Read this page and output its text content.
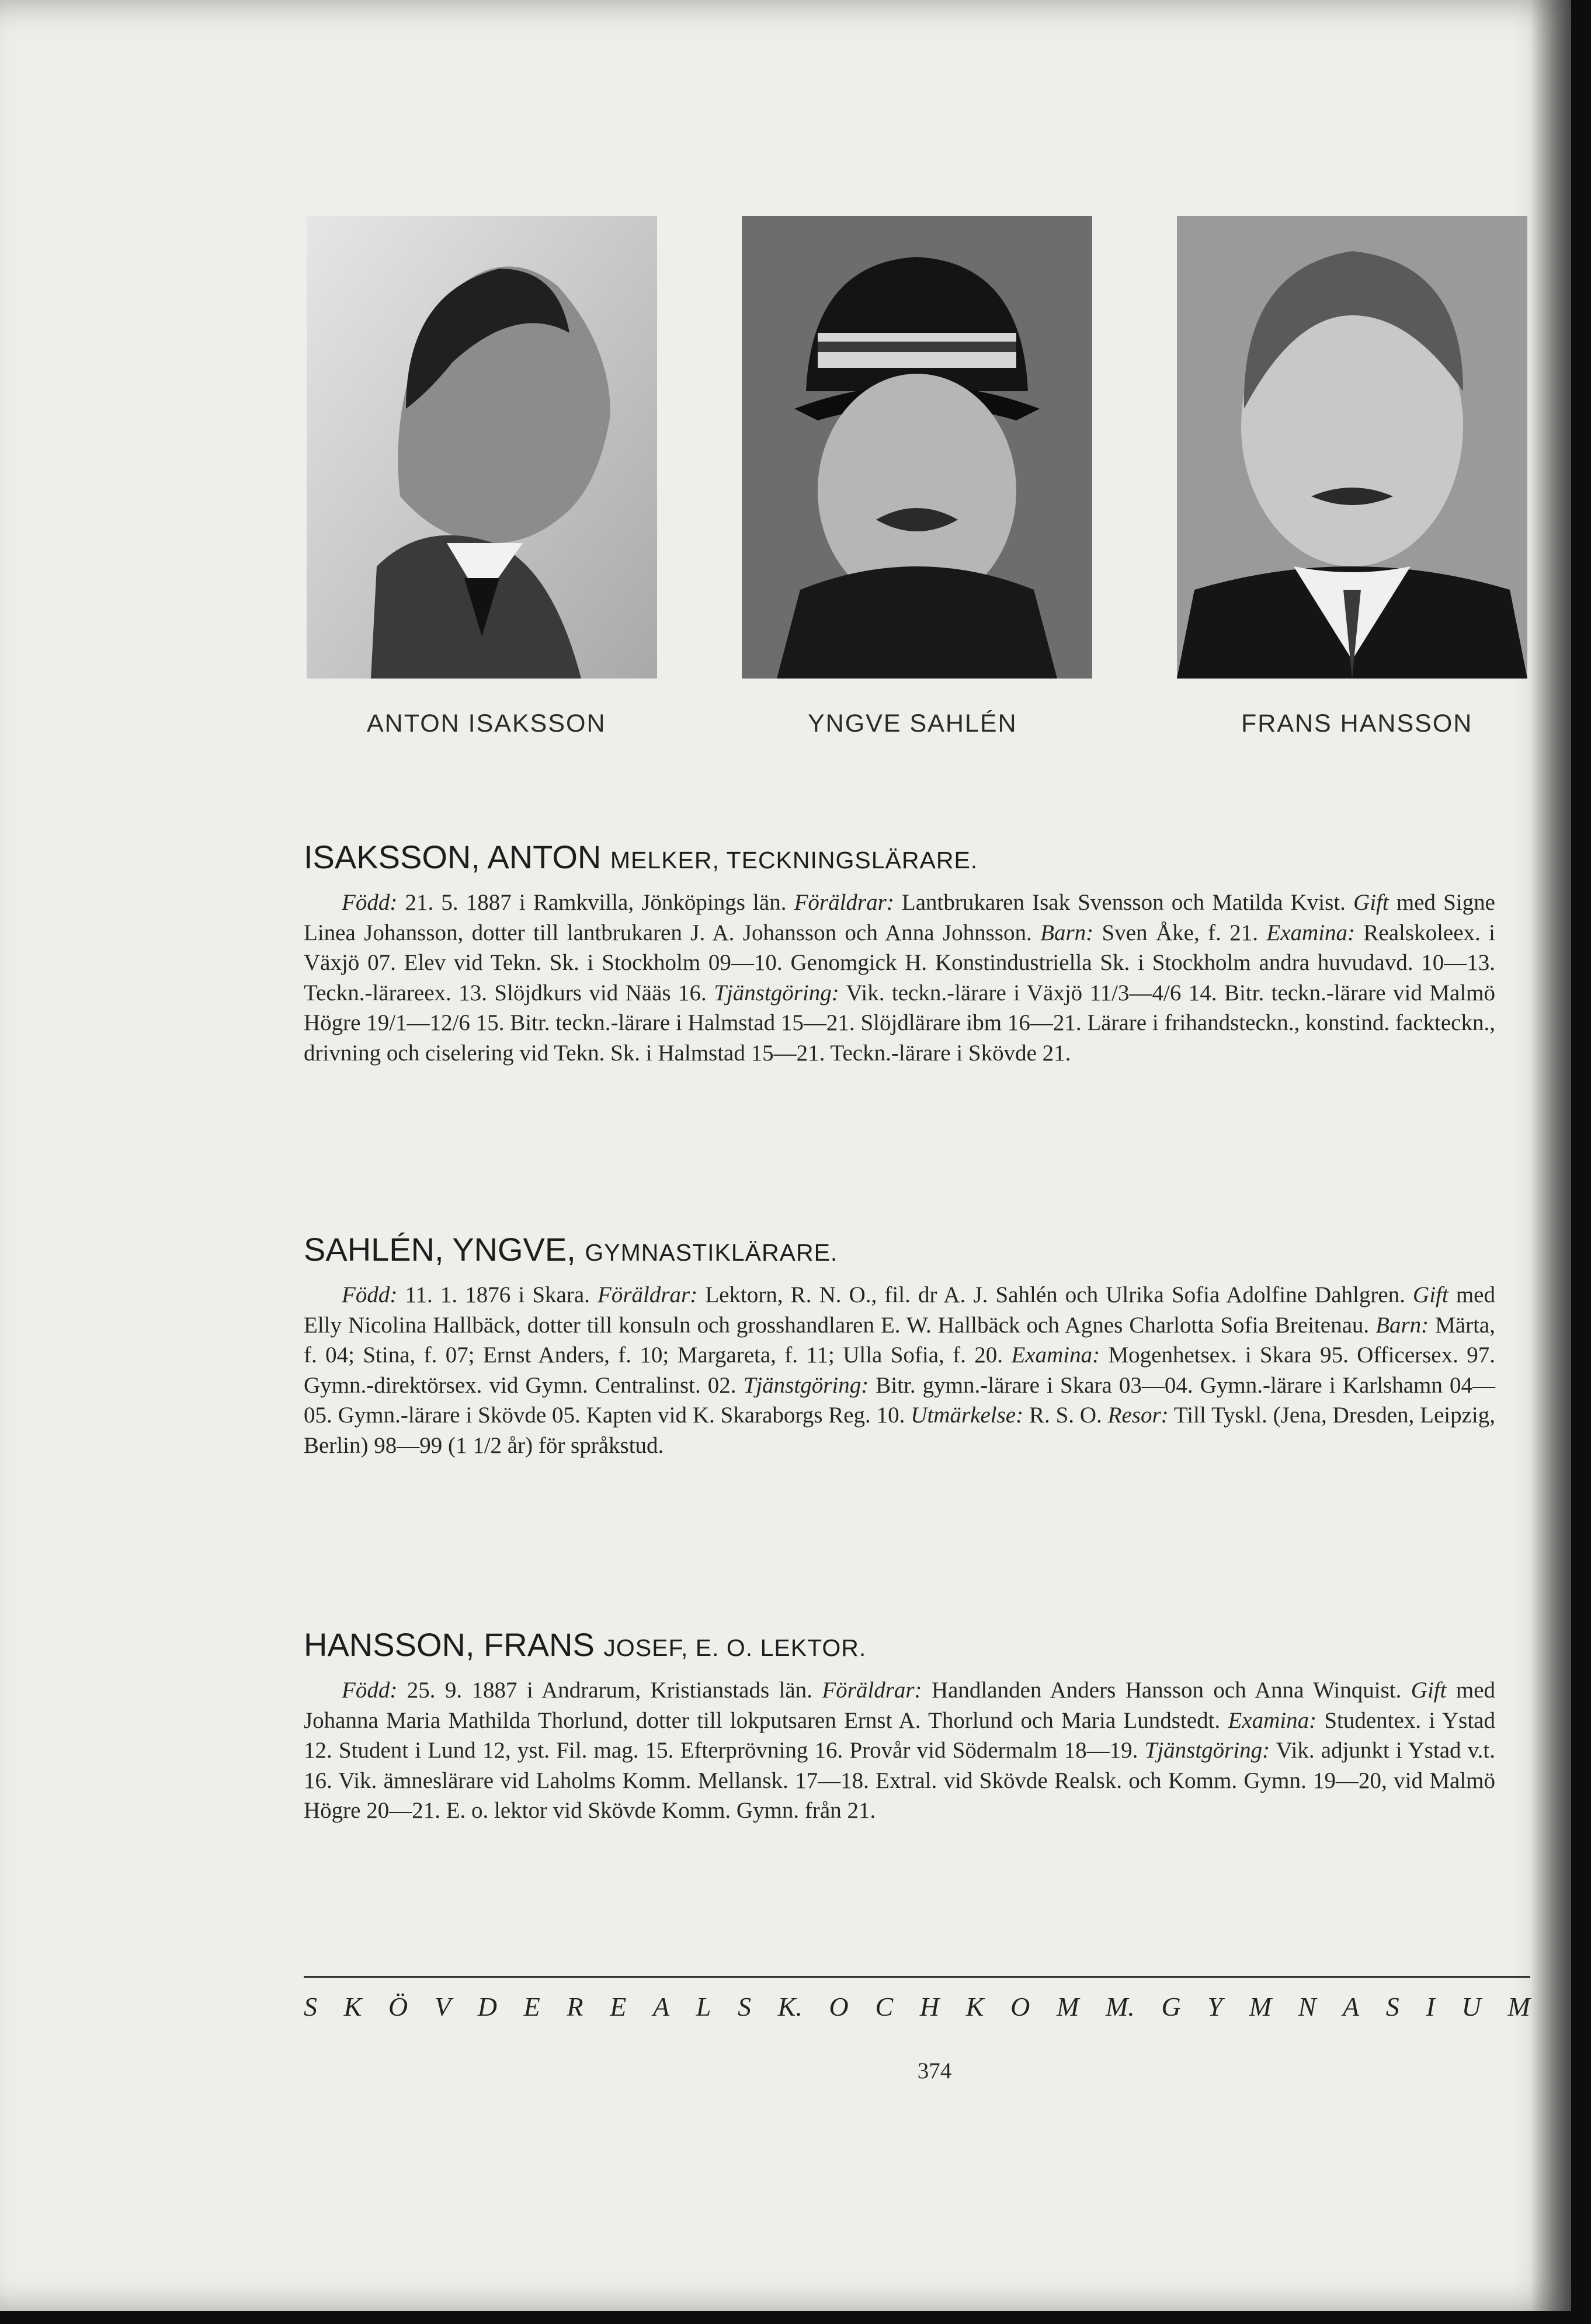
ANTON ISAKSSON	YNGVE SAHLÉN	FRANS HANSSON
ISAKSSON, ANTON MELKER, TECKNINGSLÄRARE.
Född: 21. 5. 1887 i Ramkvilla, Jönköpings län. Föräldrar: Lantbrukaren Isak Svensson och Matilda Kvist. Gift med Signe Linea Johansson, dotter till lantbrukaren J. A. Johansson och Anna Johnsson. Barn: Sven Åke, f. 21. Examina: Realskoleex. i Växjö 07. Elev vid Tekn. Sk. i Stockholm 09—10. Genomgick H. Konstindustriella Sk. i Stockholm andra huvudavd. 10—13. Teckn.-lärareex. 13. Slöjdkurs vid Nääs 16. Tjänstgöring: Vik. teckn.-lärare i Växjö 11/3—4/6 14. Bitr. teckn.-lärare vid Malmö Högre 19/1—12/6 15. Bitr. teckn.-lärare i Halmstad 15—21. Slöjdlärare ibm 16—21. Lärare i frihandsteckn., konstind. fackteckn., drivning och ciselering vid Tekn. Sk. i Halmstad 15—21. Teckn.-lärare i Skövde 21.
SAHLÉN, YNGVE, GYMNASTIKLÄRARE.
Född: 11. 1. 1876 i Skara. Föräldrar: Lektorn, R. N. O., fil. dr A. J. Sahlén och Ulrika Sofia Adolfine Dahlgren. Gift med Elly Nicolina Hallbäck, dotter till konsuln och grosshandlaren E. W. Hallbäck och Agnes Charlotta Sofia Breitenau. Barn: Märta, f. 04; Stina, f. 07; Ernst Anders, f. 10; Margareta, f. 11; Ulla Sofia, f. 20. Examina: Mogenhetsex. i Skara 95. Officersex. 97. Gymn.-direktörsex. vid Gymn. Centralinst. 02. Tjänstgöring: Bitr. gymn.-lärare i Skara 03—04. Gymn.-lärare i Karlshamn 04—05. Gymn.-lärare i Skövde 05. Kapten vid K. Skaraborgs Reg. 10. Utmärkelse: R. S. O. Resor: Till Tyskl. (Jena, Dresden, Leipzig, Berlin) 98—99 (1 1/2 år) för språkstud.
HANSSON, FRANS JOSEF, E. O. LEKTOR.
Född: 25. 9. 1887 i Andrarum, Kristianstads län. Föräldrar: Handlanden Anders Hansson och Anna Winquist. Gift med Johanna Maria Mathilda Thorlund, dotter till lokputsaren Ernst A. Thorlund och Maria Lundstedt. Examina: Studentex. i Ystad 12. Student i Lund 12, yst. Fil. mag. 15. Efterprövning 16. Provår vid Södermalm 18—19. Tjänstgöring: Vik. adjunkt i Ystad v.t. 16. Vik. ämneslärare vid Laholms Komm. Mellansk. 17—18. Extral. vid Skövde Realsk. och Komm. Gymn. 19—20, vid Malmö Högre 20—21. E. o. lektor vid Skövde Komm. Gymn. från 21.
S K Ö V D E R E A L S K. O C H K O M M. G Y M N A S I U M
374
